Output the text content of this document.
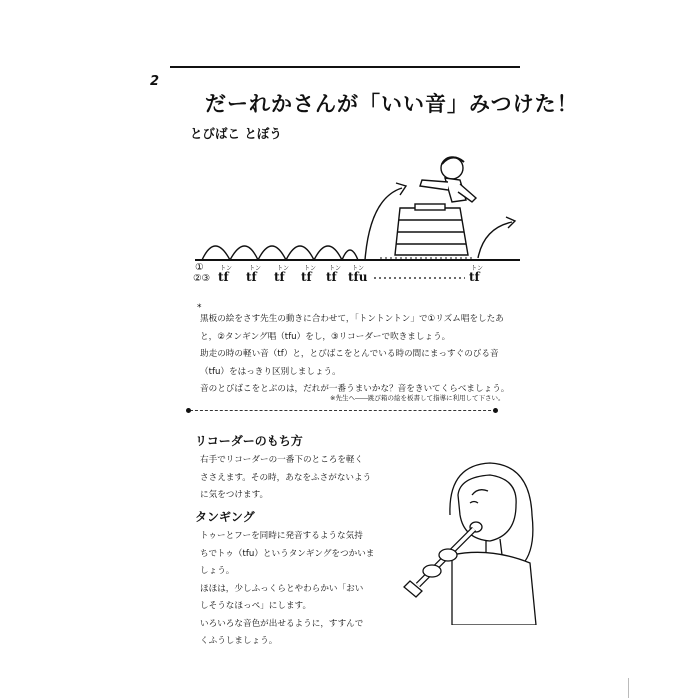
2
だーれかさんが「いい音」みつけた！
とびばこ とぼう
①
②③
トン	トン	トン トン トン トン	トン
tf tf tf tf tf tfu	tf
*

黒板の絵をさす先生の動きに合わせて，「トントントン」で①リズム唱をしたあ

と，②タンギング唱（tfu）をし，③リコーダーで吹きましょう。

助走の時の軽い音（tf）と，とびばこをとんでいる時の間にまっすぐのびる音

（tfu）をはっきり区別しましょう。

音のとびばこをとぶのは，だれが一番うまいかな？音をきいてくらべましょう。

※先生へ――跳び箱の絵を板書して指導に利用して下さい。
リコーダーのもち方

右手でリコーダーの一番下のところを軽く

ささえます。その時，あなをふさがないよう

に気をつけます。

タンギング

トゥーとフーを同時に発音するような気持

ちでトゥ（tfu）というタンギングをつかいま

しょう。

ほほは，少しふっくらとやわらかい「おい

しそうなほっぺ」にします。

いろいろな音色が出せるように，すすんで

くふうしましょう。
